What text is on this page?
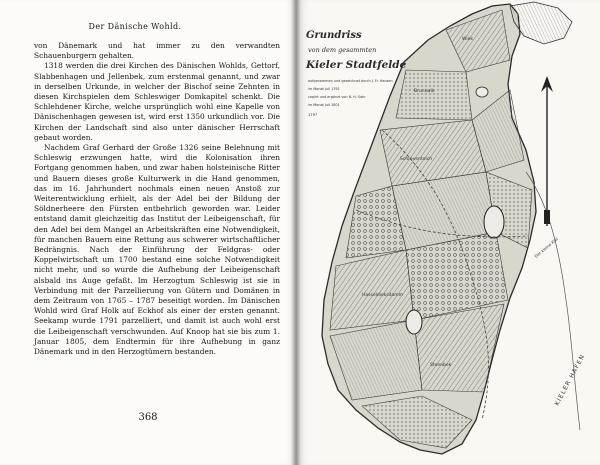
Der Dänische Wohld.

von Dänemark und hat immer zu den verwandten Schauenburgern gehalten.

1318 werden die drei Kirchen des Dänischen Wohlds, Gettorf, Slabbenhagen und Jellenbek, zum erstenmal genannt, und zwar in derselben Urkunde, in welcher der Bischof seine Zehnten in diesen Kirchspielen dem Schleswiger Domkapitel schenkt. Die Schlehdener Kirche, welche ursprünglich wohl eine Kapelle von Dänischenhagen gewesen ist, wird erst 1350 urkundlich vor. Die Kirchen der Landschaft sind also unter dänischer Herrschaft gebaut worden.

Nachdem Graf Gerhard der Große 1326 seine Belehnung mit Schleswig erzwungen hatte, wird die Kolonisation ihren Fortgang genommen haben, und zwar haben holsteinische Ritter und Bauern dieses große Kulturwerk in die Hand genommen, das im 16. Jahrhundert nochmals einen neuen Anstoß zur Weiterentwicklung erhielt, als der Adel bei der Bildung der Söldnerheere den Fürsten entbehrlich geworden war. Leider entstand damit gleichzeitig das Institut der Leibeigenschaft, für den Adel bei dem Mangel an Arbeitskräften eine Notwendigkeit, für manchen Bauern eine Rettung aus schwerer wirtschaftlicher Bedrängnis. Nach der Einführung der Feldgras- oder Koppelwirtschaft um 1700 bestand eine solche Notwendigkeit nicht mehr, und so wurde die Aufhebung der Leibeigenschaft alsbald ins Auge gefaßt. Im Herzogtum Schleswig ist sie in Verbindung mit der Parzellierung von Gütern und Domänen in dem Zeitraum von 1765 – 1787 beseitigt worden. Im Dänischen Wohld wird Graf Holk auf Eckhof als einer der ersten genannt. Seekamp wurde 1791 parzelliert, und damit ist auch wohl erst die Leibeigenschaft verschwunden. Auf Knoop hat sie bis zum 1. Januar 1805, dem Endtermin für ihre Aufhebung in ganz Dänemark und in den Herzogtümern bestanden.

368
Grundriss
von dem gesammten
Kieler Stadtfelde
aufgenommen und gezeichnet durch J. Fr. Hansen
im Monat Juli 1791
copiirt und ergänzt von N. H. Sahr
im Monat Juli 1801
1797
Brunswik
Schreventeich
Hasseldieksdamm
Steenbek
Wiek
Der kleine Kiel
KIELER HAFEN
